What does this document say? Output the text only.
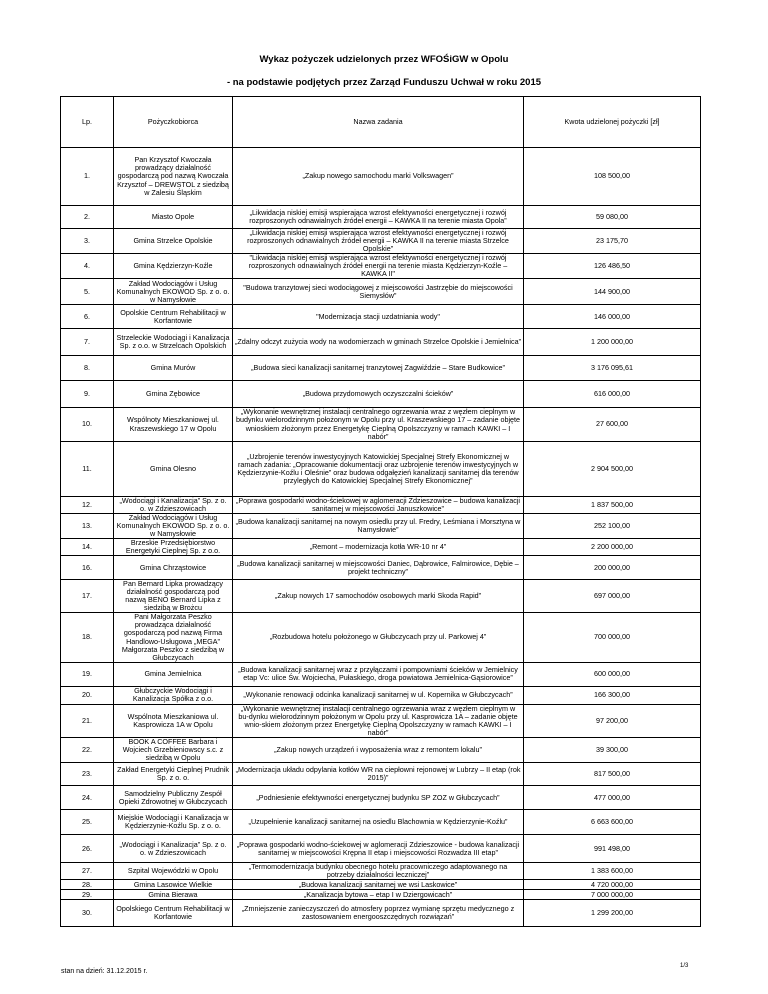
Wykaz pożyczek udzielonych przez WFOŚiGW w Opolu
- na podstawie podjętych przez Zarząd Funduszu Uchwał w roku 2015
Lp.	Pożyczkobiorca	Nazwa zadania	Kwota udzielonej pożyczki [zł]
1.	Pan Krzysztof Kwoczała prowadzący działalność gospodarczą pod nazwą Kwoczała Krzysztof – DREWSTOL z siedzibą w Zalesiu Śląskim	„Zakup nowego samochodu marki Volkswagen”	108 500,00
2.	Miasto Opole	„Likwidacja niskiej emisji wspierająca wzrost efektywności energetycznej i rozwój rozproszonych odnawialnych źródeł energii – KAWKA II na terenie miasta Opola”	59 080,00
3.	Gmina Strzelce Opolskie	„Likwidacja niskiej emisji wspierająca wzrost efektywności energetycznej i rozwój rozproszonych odnawialnych źródeł energii – KAWKA II na terenie miasta Strzelce Opolskie”	23 175,70
4.	Gmina Kędzierzyn-Koźle	"Likwidacja niskiej emisji wspierająca wzrost efektywności energetycznej i rozwój rozproszonych odnawialnych źródeł energii na terenie miasta Kędzierzyn-Koźle – KAWKA II"	126 486,50
5.	Zakład Wodociągów i Usług Komunalnych EKOWOD Sp. z o. o. w Namysłowie	"Budowa tranzytowej sieci wodociągowej z miejscowości Jastrzębie do miejscowości Siemysłów"	144 900,00
6.	Opolskie Centrum Rehabilitacji w Korfantowie	"Modernizacja stacji uzdatniania wody"	146 000,00
7.	Strzeleckie Wodociągi i Kanalizacja Sp. z o.o. w Strzelcach Opolskich	„Zdalny odczyt zużycia wody na wodomierzach w gminach Strzelce Opolskie i Jemielnica”	1 200 000,00
8.	Gmina Murów	„Budowa sieci kanalizacji sanitarnej tranzytowej Zagwiździe – Stare Budkowice”	3 176 095,61
9.	Gmina Zębowice	„Budowa przydomowych oczyszczalni ścieków”	616 000,00
10.	Wspólnoty Mieszkaniowej ul. Kraszewskiego 17 w Opolu	„Wykonanie wewnętrznej instalacji centralnego ogrzewania wraz z węzłem cieplnym w budynku wielorodzinnym położonym w Opolu przy ul. Kraszewskiego 17 – zadanie objęte wnioskiem złożonym przez Energetykę Cieplną Opolszczyzny w ramach KAWKI – I nabór”	27 600,00
11.	Gmina Olesno	„Uzbrojenie terenów inwestycyjnych Katowickiej Specjalnej Strefy Ekonomicznej w ramach zadania: „Opracowanie dokumentacji oraz uzbrojenie terenów inwestycyjnych w Kędzierzynie-Koźlu i Oleśnie” oraz budowa odgałęzień kanalizacji sanitarnej dla terenów przyległych do Katowickiej Specjalnej Strefy Ekonomicznej”	2 904 500,00
12.	„Wodociągi i Kanalizacja” Sp. z o. o. w Zdzieszowicach	„Poprawa gospodarki wodno-ściekowej w aglomeracji Zdzieszowice – budowa kanalizacji sanitarnej w miejscowości Januszkowice”	1 837 500,00
13.	Zakład Wodociągów i Usług Komunalnych EKOWOD Sp. z o. o. w Namysłowie	„Budowa kanalizacji sanitarnej na nowym osiedlu przy ul. Fredry, Leśmiana i Morsztyna w Namysłowie”	252 100,00
14.	Brzeskie Przedsiębiorstwo Energetyki Cieplnej Sp. z o.o.	„Remont – modernizacja kotła WR-10 nr 4”	2 200 000,00
16.	Gmina Chrząstowice	„Budowa kanalizacji sanitarnej w miejscowości Daniec, Dąbrowice, Falmirowice, Dębie – projekt techniczny”	200 000,00
17.	Pan Bernard Lipka prowadzący działalność gospodarczą pod nazwą BENO Bernard Lipka z siedzibą w Brożcu	„Zakup nowych 17 samochodów osobowych marki Skoda Rapid”	697 000,00
18.	Pani Małgorzata Peszko prowadząca działalność gospodarczą pod nazwą Firma Handlowo-Usługowa „MEGA” Małgorzata Peszko z siedzibą w Głubczycach	„Rozbudowa hotelu położonego w Głubczycach przy ul. Parkowej 4”	700 000,00
19.	Gmina Jemielnica	„Budowa kanalizacji sanitarnej wraz z przyłączami i pompowniami ścieków w Jemielnicy etap Vc: ulice Św. Wojciecha, Pułaskiego, droga powiatowa Jemielnica-Gąsiorowice”	600 000,00
20.	Głubczyckie Wodociągi i Kanalizacja Spółka z o.o.	„Wykonanie renowacji odcinka kanalizacji sanitarnej w ul. Kopernika w Głubczycach”	166 300,00
21.	Wspólnota Mieszkaniowa ul. Kasprowicza 1A w Opolu	„Wykonanie wewnętrznej instalacji centralnego ogrzewania wraz z węzłem cieplnym w bu-dynku wielorodzinnym położonym w Opolu przy ul. Kasprowicza 1A – zadanie objęte wnio-skiem złożonym przez Energetykę Cieplną Opolszczyzny w ramach KAWKI – I nabór”	97 200,00
22.	BOOK A COFFEE Barbara i Wojciech Grzebieniowscy s.c. z siedzibą w Opolu	„Zakup nowych urządzeń i wyposażenia wraz z remontem lokalu”	39 300,00
23.	Zakład Energetyki Cieplnej Prudnik Sp. z o. o.	„Modernizacja układu odpylania kotłów WR na ciepłowni rejonowej w Lubrzy – II etap (rok 2015)”	817 500,00
24.	Samodzielny Publiczny Zespół Opieki Zdrowotnej w Głubczycach	„Podniesienie efektywności energetycznej budynku SP ZOZ w Głubczycach”	477 000,00
25.	Miejskie Wodociągi i Kanalizacja w Kędzierzynie-Koźlu Sp. z o. o.	„Uzupełnienie kanalizacji sanitarnej na osiedlu Blachownia w Kędzierzynie-Koźlu”	6 663 600,00
26.	„Wodociągi i Kanalizacja” Sp. z o. o. w Zdzieszowicach	„Poprawa gospodarki wodno-ściekowej w aglomeracji Zdzieszowice - budowa kanalizacji sanitarnej w miejscowości Krępna II etap i miejscowości Rozwadza III etap”	991 498,00
27.	Szpital Wojewódzki w Opolu	„Termomodernizacja budynku obecnego hotelu pracowniczego adaptowanego na potrzeby działalności leczniczej”	1 383 600,00
28.	Gmina Lasowice Wielkie	„Budowa kanalizacji sanitarnej we wsi Laskowice”	4 720 000,00
29.	Gmina Bierawa	„Kanalizacja bytowa – etap I w Dziergowicach”	7 000 000,00
30.	Opolskiego Centrum Rehabilitacji w Korfantowie	„Zmniejszenie zanieczyszczeń do atmosfery poprzez wymianę sprzętu medycznego z zastosowaniem energooszczędnych rozwiązań”	1 299 200,00
stan na dzień: 31.12.2015 r.
1/3
